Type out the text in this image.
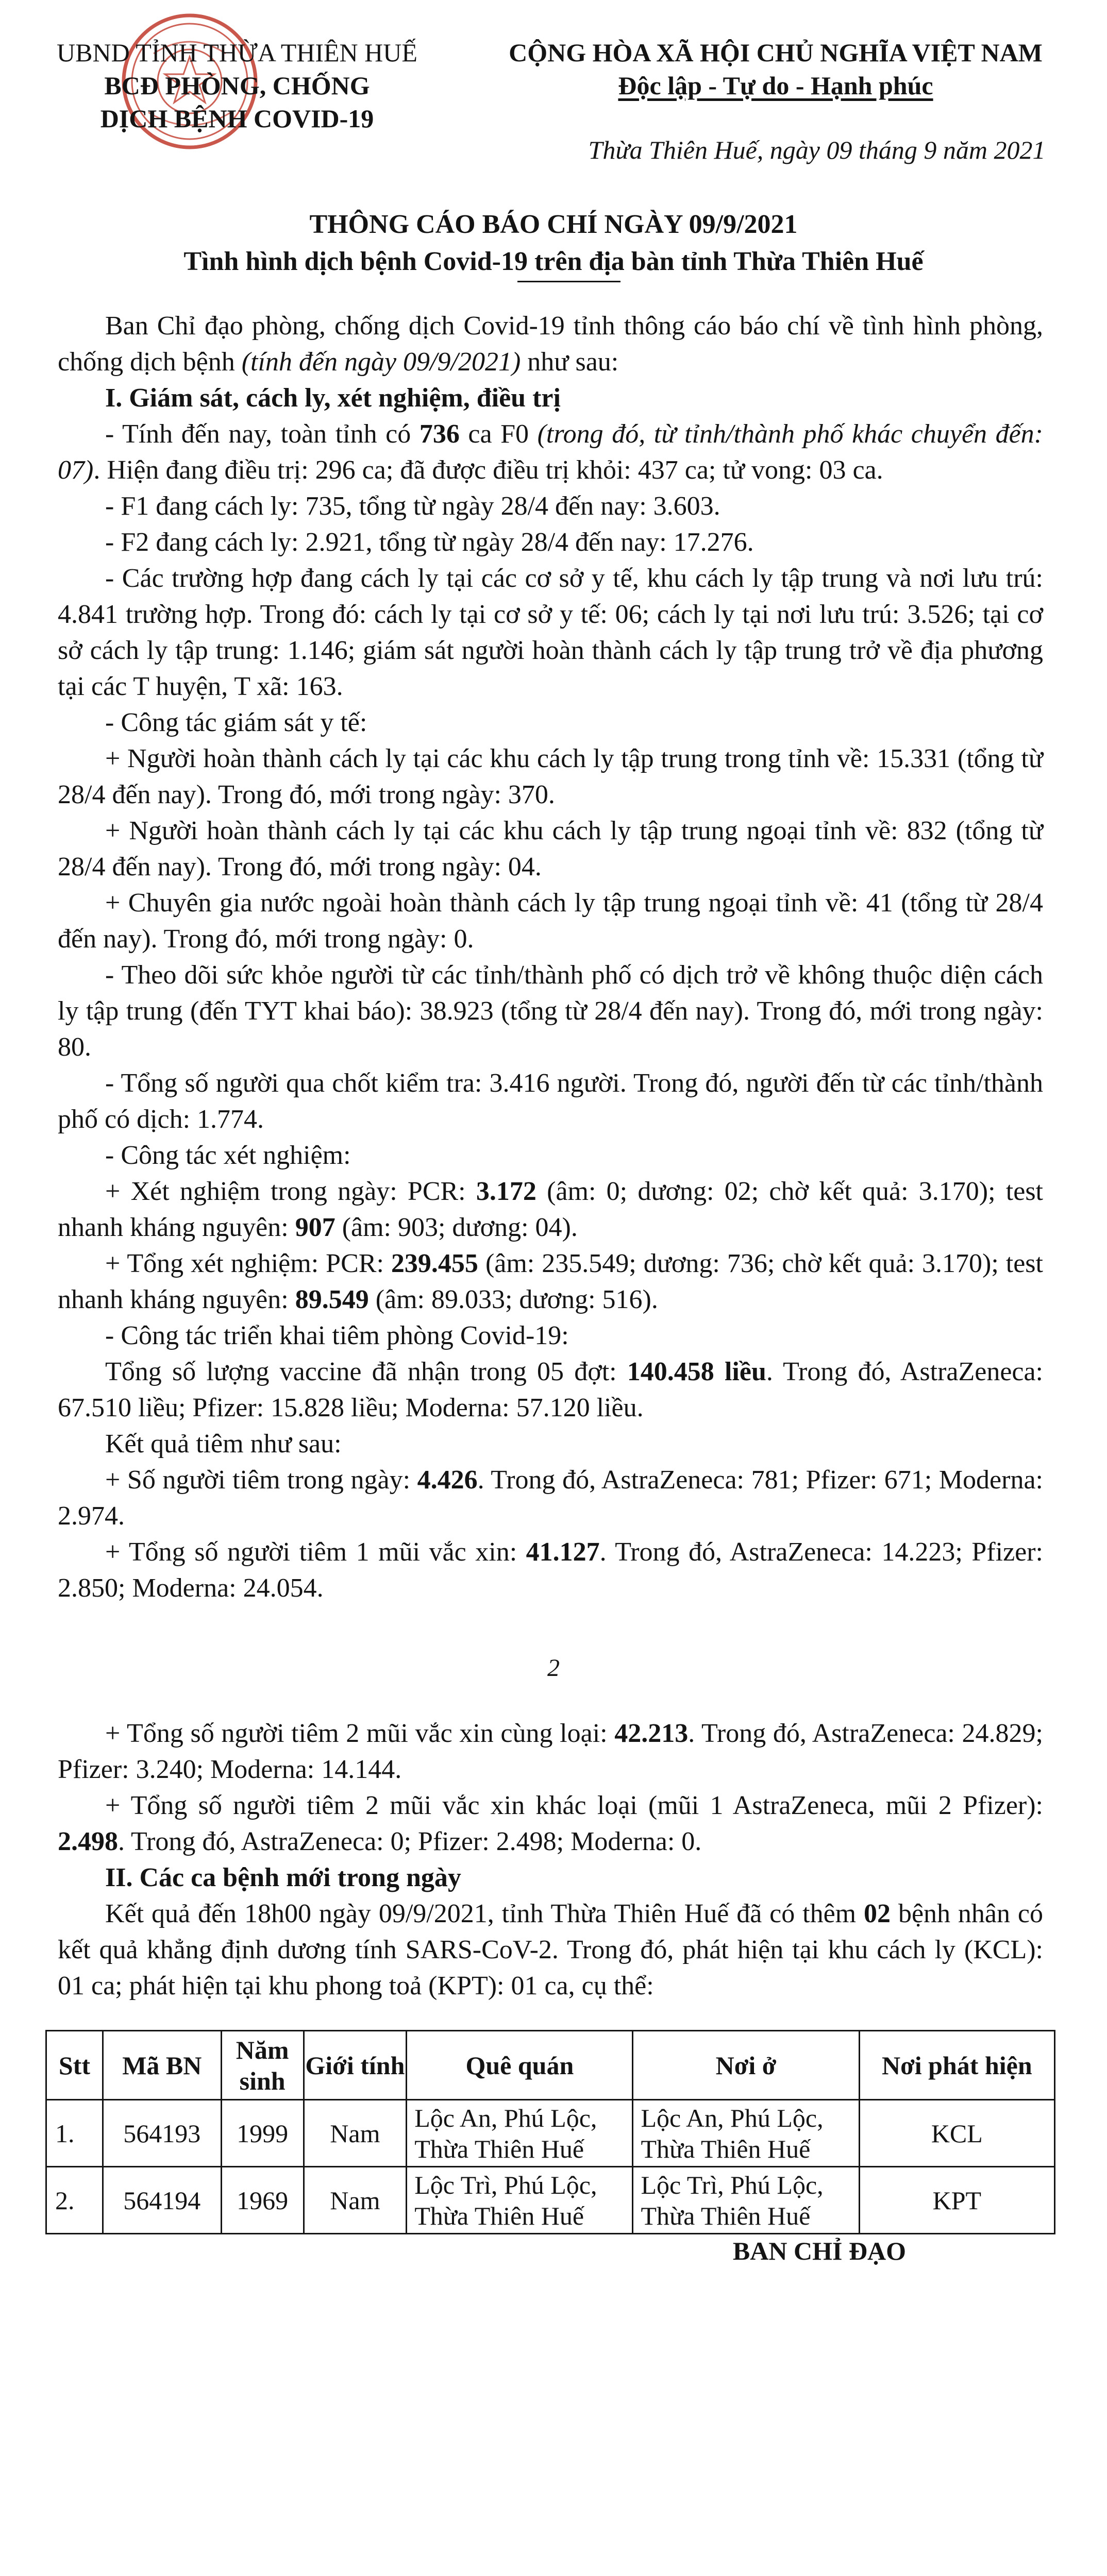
UBND TỈNH THỪA THIÊN HUẾ
BCĐ PHÒNG, CHỐNG
DỊCH BỆNH COVID-19
CỘNG HÒA XÃ HỘI CHỦ NGHĨA VIỆT NAM
Độc lập - Tự do - Hạnh phúc
Thừa Thiên Huế, ngày 09 tháng 9 năm 2021
THÔNG CÁO BÁO CHÍ NGÀY 09/9/2021
Tình hình dịch bệnh Covid-19 trên địa bàn tỉnh Thừa Thiên Huế

Ban Chỉ đạo phòng, chống dịch Covid-19 tỉnh thông cáo báo chí về tình hình phòng, chống dịch bệnh (tính đến ngày 09/9/2021) như sau:

I. Giám sát, cách ly, xét nghiệm, điều trị

- Tính đến nay, toàn tỉnh có 736 ca F0 (trong đó, từ tỉnh/thành phố khác chuyển đến: 07). Hiện đang điều trị: 296 ca; đã được điều trị khỏi: 437 ca; tử vong: 03 ca.

- F1 đang cách ly: 735, tổng từ ngày 28/4 đến nay: 3.603.

- F2 đang cách ly: 2.921, tổng từ ngày 28/4 đến nay: 17.276.

- Các trường hợp đang cách ly tại các cơ sở y tế, khu cách ly tập trung và nơi lưu trú: 4.841 trường hợp. Trong đó: cách ly tại cơ sở y tế: 06; cách ly tại nơi lưu trú: 3.526; tại cơ sở cách ly tập trung: 1.146; giám sát người hoàn thành cách ly tập trung trở về địa phương tại các T huyện, T xã: 163.

- Công tác giám sát y tế:

+ Người hoàn thành cách ly tại các khu cách ly tập trung trong tỉnh về: 15.331 (tổng từ 28/4 đến nay). Trong đó, mới trong ngày: 370.

+ Người hoàn thành cách ly tại các khu cách ly tập trung ngoại tỉnh về: 832 (tổng từ 28/4 đến nay). Trong đó, mới trong ngày: 04.

+ Chuyên gia nước ngoài hoàn thành cách ly tập trung ngoại tỉnh về: 41 (tổng từ 28/4 đến nay). Trong đó, mới trong ngày: 0.

- Theo dõi sức khỏe người từ các tỉnh/thành phố có dịch trở về không thuộc diện cách ly tập trung (đến TYT khai báo): 38.923 (tổng từ 28/4 đến nay). Trong đó, mới trong ngày: 80.

- Tổng số người qua chốt kiểm tra: 3.416 người. Trong đó, người đến từ các tỉnh/thành phố có dịch: 1.774.

- Công tác xét nghiệm:

+ Xét nghiệm trong ngày: PCR: 3.172 (âm: 0; dương: 02; chờ kết quả: 3.170); test nhanh kháng nguyên: 907 (âm: 903; dương: 04).

+ Tổng xét nghiệm: PCR: 239.455 (âm: 235.549; dương: 736; chờ kết quả: 3.170); test nhanh kháng nguyên: 89.549 (âm: 89.033; dương: 516).

- Công tác triển khai tiêm phòng Covid-19:

Tổng số lượng vaccine đã nhận trong 05 đợt: 140.458 liều. Trong đó, AstraZeneca: 67.510 liều; Pfizer: 15.828 liều; Moderna: 57.120 liều.

Kết quả tiêm như sau:

+ Số người tiêm trong ngày: 4.426. Trong đó, AstraZeneca: 781; Pfizer: 671; Moderna: 2.974.

+ Tổng số người tiêm 1 mũi vắc xin: 41.127. Trong đó, AstraZeneca: 14.223; Pfizer: 2.850; Moderna: 24.054.

2

+ Tổng số người tiêm 2 mũi vắc xin cùng loại: 42.213. Trong đó, AstraZeneca: 24.829; Pfizer: 3.240; Moderna: 14.144.

+ Tổng số người tiêm 2 mũi vắc xin khác loại (mũi 1 AstraZeneca, mũi 2 Pfizer): 2.498. Trong đó, AstraZeneca: 0; Pfizer: 2.498; Moderna: 0.

II. Các ca bệnh mới trong ngày

Kết quả đến 18h00 ngày 09/9/2021, tỉnh Thừa Thiên Huế đã có thêm 02 bệnh nhân có kết quả khẳng định dương tính SARS-CoV-2. Trong đó, phát hiện tại khu cách ly (KCL): 01 ca; phát hiện tại khu phong toả (KPT): 01 ca, cụ thể:

Stt	Mã BN	Năm sinh	Giới tính	Quê quán	Nơi ở	Nơi phát hiện
1.	564193	1999	Nam	Lộc An, Phú Lộc, Thừa Thiên Huế	Lộc An, Phú Lộc, Thừa Thiên Huế	KCL
2.	564194	1969	Nam	Lộc Trì, Phú Lộc, Thừa Thiên Huế	Lộc Trì, Phú Lộc, Thừa Thiên Huế	KPT
BAN CHỈ ĐẠO
